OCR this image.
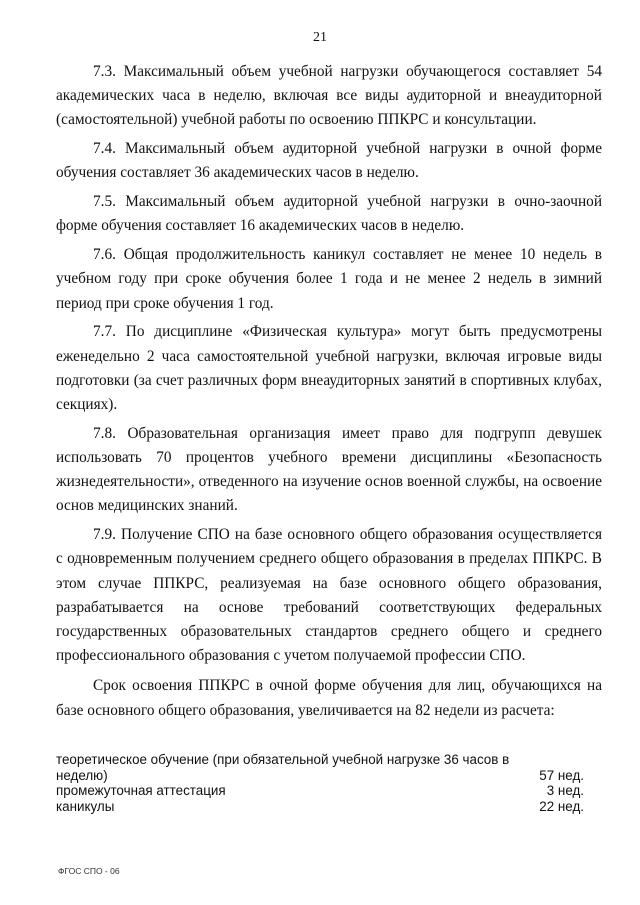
21

7.3. Максимальный объем учебной нагрузки обучающегося составляет 54 академических часа в неделю, включая все виды аудиторной и внеаудиторной (самостоятельной) учебной работы по освоению ППКРС и консультации.

7.4. Максимальный объем аудиторной учебной нагрузки в очной форме обучения составляет 36 академических часов в неделю.

7.5. Максимальный объем аудиторной учебной нагрузки в очно-заочной форме обучения составляет 16 академических часов в неделю.

7.6. Общая продолжительность каникул составляет не менее 10 недель в учебном году при сроке обучения более 1 года и не менее 2 недель в зимний период при сроке обучения 1 год.

7.7. По дисциплине «Физическая культура» могут быть предусмотрены еженедельно 2 часа самостоятельной учебной нагрузки, включая игровые виды подготовки (за счет различных форм внеаудиторных занятий в спортивных клубах, секциях).

7.8. Образовательная организация имеет право для подгрупп девушек использовать 70 процентов учебного времени дисциплины «Безопасность жизнедеятельности», отведенного на изучение основ военной службы, на освоение основ медицинских знаний.

7.9. Получение СПО на базе основного общего образования осуществляется с одновременным получением среднего общего образования в пределах ППКРС. В этом случае ППКРС, реализуемая на базе основного общего образования, разрабатывается на основе требований соответствующих федеральных государственных образовательных стандартов среднего общего и среднего профессионального образования с учетом получаемой профессии СПО.

Срок освоения ППКРС в очной форме обучения для лиц, обучающихся на базе основного общего образования, увеличивается на 82 недели из расчета:

теоретическое обучение (при обязательной учебной нагрузке 36 часов в неделю)	57 нед.
промежуточная аттестация	3 нед.
каникулы	22 нед.
ФГОС СПО - 06
